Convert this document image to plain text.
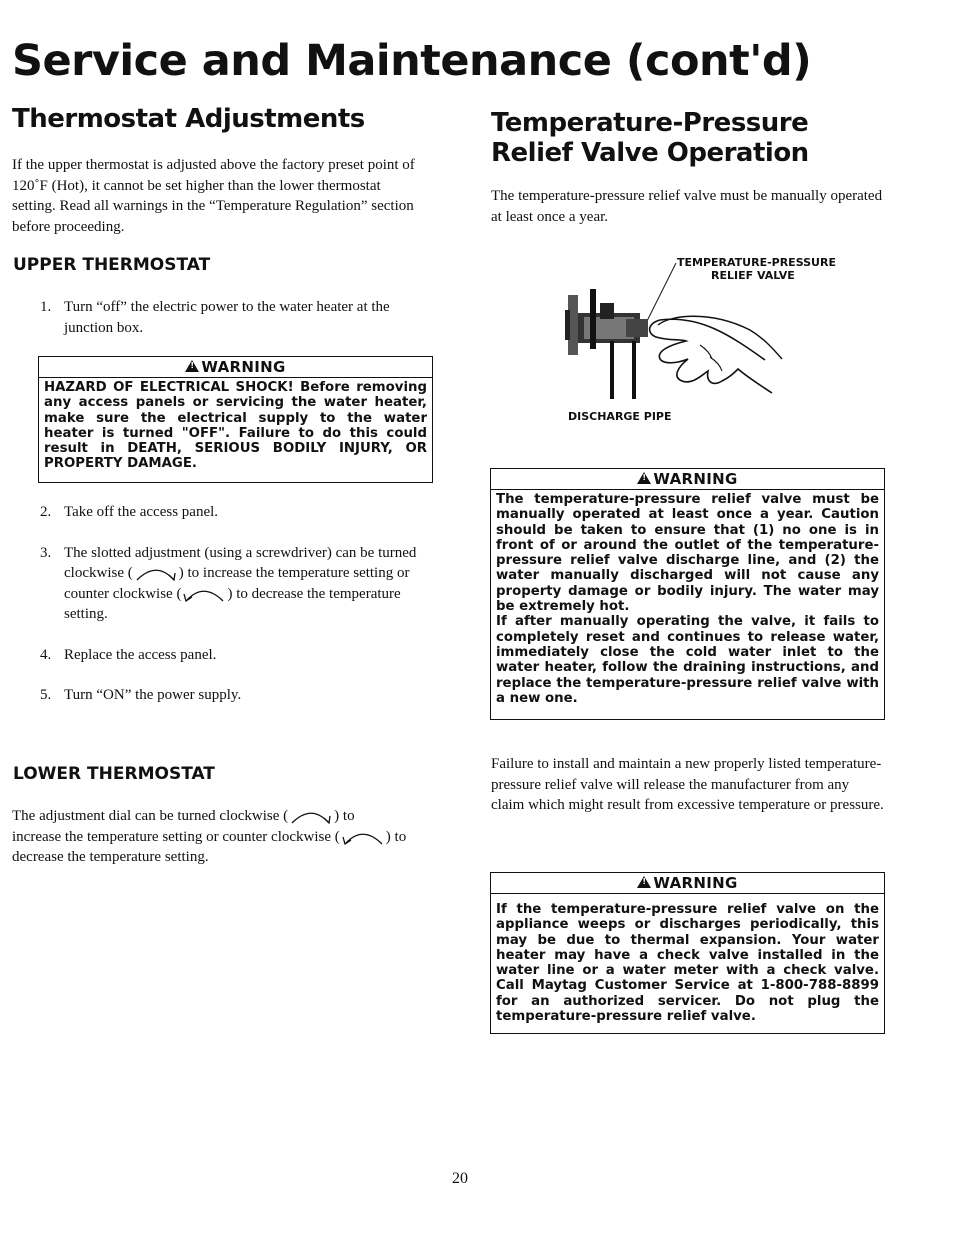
Service and Maintenance (cont'd)
Thermostat Adjustments

If the upper thermostat is adjusted above the factory preset point of 120˚F (Hot), it cannot be set higher than the lower thermostat setting. Read all warnings in the “Temperature Regulation” section before proceeding.

UPPER THERMOSTAT
1. Turn “off” the electric power to the water heater at the junction box.
!WARNING

HAZARD OF ELECTRICAL SHOCK! Before removing any access panels or servicing the water heater, make sure the electrical supply to the water heater is turned "OFF". Failure to do this could result in DEATH, SERIOUS BODILY INJURY, OR PROPERTY DAMAGE.

2. Take off the access panel.
3. The slotted adjustment (using a screwdriver) can be turned clockwise (	) to increase the temperature setting or counter clockwise (	) to decrease the temperature setting.
4. Replace the access panel.
5. Turn “ON” the power supply.
LOWER THERMOSTAT

The adjustment dial can be turned clockwise (	) to increase the temperature setting or counter clockwise (	) to decrease the temperature setting.

Temperature-Pressure Relief Valve Operation

The temperature-pressure relief valve must be manually operated at least once a year.

TEMPERATURE-PRESSURE
RELIEF VALVE
DISCHARGE PIPE
!WARNING

The temperature-pressure relief valve must be manually operated at least once a year. Caution should be taken to ensure that (1) no one is in front of or around the outlet of the temperature-pressure relief valve discharge line, and (2) the water manually discharged will not cause any property damage or bodily injury. The water may be extremely hot.

If after manually operating the valve, it fails to completely reset and continues to release water, immediately close the cold water inlet to the water heater, follow the draining instructions, and replace the temperature-pressure relief valve with a new one.

Failure to install and maintain a new properly listed temperature-pressure relief valve will release the manufacturer from any claim which might result from excessive temperature or pressure.

!WARNING

If the temperature-pressure relief valve on the appliance weeps or discharges periodically, this may be due to thermal expansion. Your water heater may have a check valve installed in the water line or a water meter with a check valve. Call Maytag Customer Service at 1-800-788-8899 for an authorized servicer. Do not plug the temperature-pressure relief valve.

20
